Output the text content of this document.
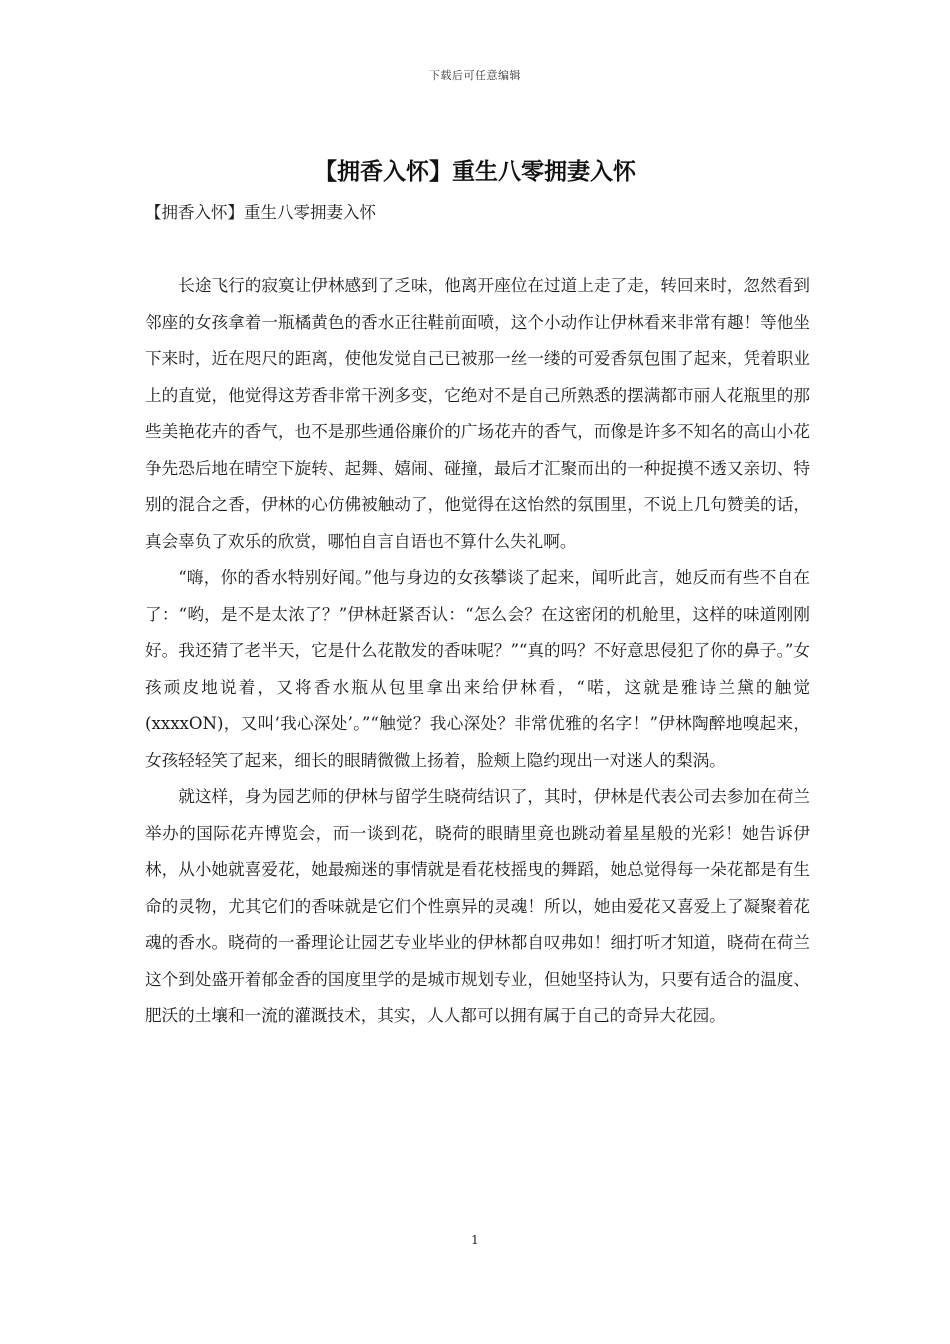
下载后可任意编辑
【拥香入怀】重生八零拥妻入怀

【拥香入怀】重生八零拥妻入怀

长途飞行的寂寞让伊林感到了乏味，他离开座位在过道上走了走，转回来时，忽然看到邻座的女孩拿着一瓶橘黄色的香水正往鞋前面喷，这个小动作让伊林看来非常有趣！等他坐下来时，近在咫尺的距离，使他发觉自己已被那一丝一缕的可爱香氛包围了起来，凭着职业上的直觉，他觉得这芳香非常干洌多变，它绝对不是自己所熟悉的摆满都市丽人花瓶里的那些美艳花卉的香气，也不是那些通俗廉价的广场花卉的香气，而像是许多不知名的高山小花争先恐后地在晴空下旋转、起舞、嬉闹、碰撞，最后才汇聚而出的一种捉摸不透又亲切、特别的混合之香，伊林的心仿佛被触动了，他觉得在这怡然的氛围里，不说上几句赞美的话，真会辜负了欢乐的欣赏，哪怕自言自语也不算什么失礼啊。

“嗨，你的香水特别好闻。”他与身边的女孩攀谈了起来，闻听此言，她反而有些不自在了：“哟，是不是太浓了？”伊林赶紧否认：“怎么会？在这密闭的机舱里，这样的味道刚刚好。我还猜了老半天，它是什么花散发的香味呢？”“真的吗？不好意思侵犯了你的鼻子。”女孩顽皮地说着，又将香水瓶从包里拿出来给伊林看，“喏，这就是雅诗兰黛的触觉(xxxxON)，又叫‘我心深处’。”“触觉？我心深处？非常优雅的名字！”伊林陶醉地嗅起来，女孩轻轻笑了起来，细长的眼睛微微上扬着，脸颊上隐约现出一对迷人的梨涡。

就这样，身为园艺师的伊林与留学生晓荷结识了，其时，伊林是代表公司去参加在荷兰举办的国际花卉博览会，而一谈到花，晓荷的眼睛里竟也跳动着星星般的光彩！她告诉伊林，从小她就喜爱花，她最痴迷的事情就是看花枝摇曳的舞蹈，她总觉得每一朵花都是有生命的灵物，尤其它们的香味就是它们个性禀异的灵魂！所以，她由爱花又喜爱上了凝聚着花魂的香水。晓荷的一番理论让园艺专业毕业的伊林都自叹弗如！细打听才知道，晓荷在荷兰这个到处盛开着郁金香的国度里学的是城市规划专业，但她坚持认为，只要有适合的温度、肥沃的土壤和一流的灌溉技术，其实，人人都可以拥有属于自己的奇异大花园。

1
